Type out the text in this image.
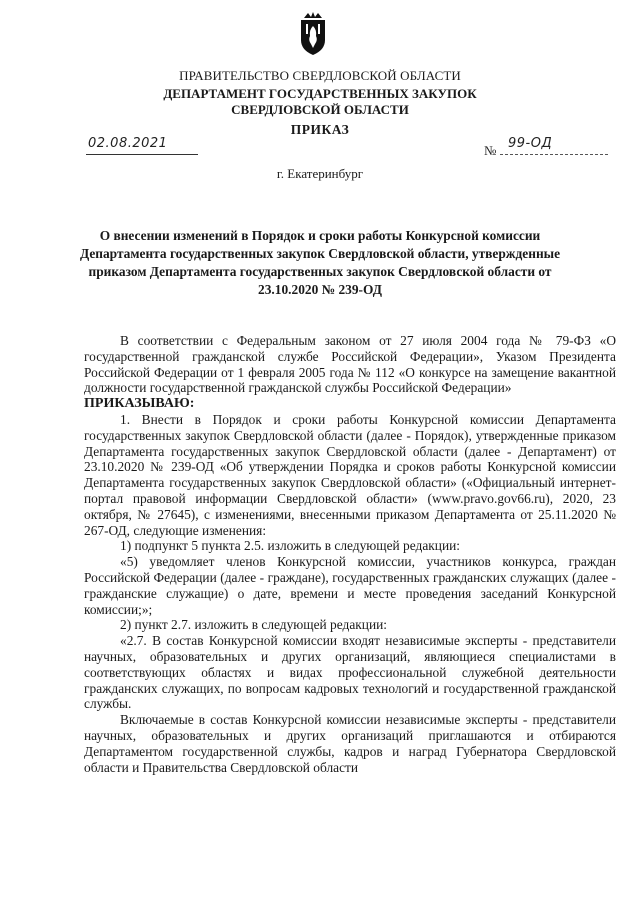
ПРАВИТЕЛЬСТВО СВЕРДЛОВСКОЙ ОБЛАСТИ
ДЕПАРТАМЕНТ ГОСУДАРСТВЕННЫХ ЗАКУПОК
СВЕРДЛОВСКОЙ ОБЛАСТИ
ПРИКАЗ
02.08.2021	№ 99-ОД
г. Екатеринбург
О внесении изменений в Порядок и сроки работы Конкурсной комиссии Департамента государственных закупок Свердловской области, утвержденные приказом Департамента государственных закупок Свердловской области от 23.10.2020 № 239-ОД

В соответствии с Федеральным законом от 27 июля 2004 года № 79-ФЗ «О государственной гражданской службе Российской Федерации», Указом Президента Российской Федерации от 1 февраля 2005 года № 112 «О конкурсе на замещение вакантной должности государственной гражданской службы Российской Федерации»

ПРИКАЗЫВАЮ:

1. Внести в Порядок и сроки работы Конкурсной комиссии Департамента государственных закупок Свердловской области (далее - Порядок), утвержденные приказом Департамента государственных закупок Свердловской области (далее - Департамент) от 23.10.2020 № 239-ОД «Об утверждении Порядка и сроков работы Конкурсной комиссии Департамента государственных закупок Свердловской области» («Официальный интернет-портал правовой информации Свердловской области» (www.pravo.gov66.ru), 2020, 23 октября, № 27645), с изменениями, внесенными приказом Департамента от 25.11.2020 № 267-ОД, следующие изменения:

1) подпункт 5 пункта 2.5. изложить в следующей редакции:

«5) уведомляет членов Конкурсной комиссии, участников конкурса, граждан Российской Федерации (далее - граждане), государственных гражданских служащих (далее - гражданские служащие) о дате, времени и месте проведения заседаний Конкурсной комиссии;»;

2) пункт 2.7. изложить в следующей редакции:

«2.7. В состав Конкурсной комиссии входят независимые эксперты - представители научных, образовательных и других организаций, являющиеся специалистами в соответствующих областях и видах профессиональной служебной деятельности гражданских служащих, по вопросам кадровых технологий и государственной гражданской службы.

Включаемые в состав Конкурсной комиссии независимые эксперты - представители научных, образовательных и других организаций приглашаются и отбираются Департаментом государственной службы, кадров и наград Губернатора Свердловской области и Правительства Свердловской области
